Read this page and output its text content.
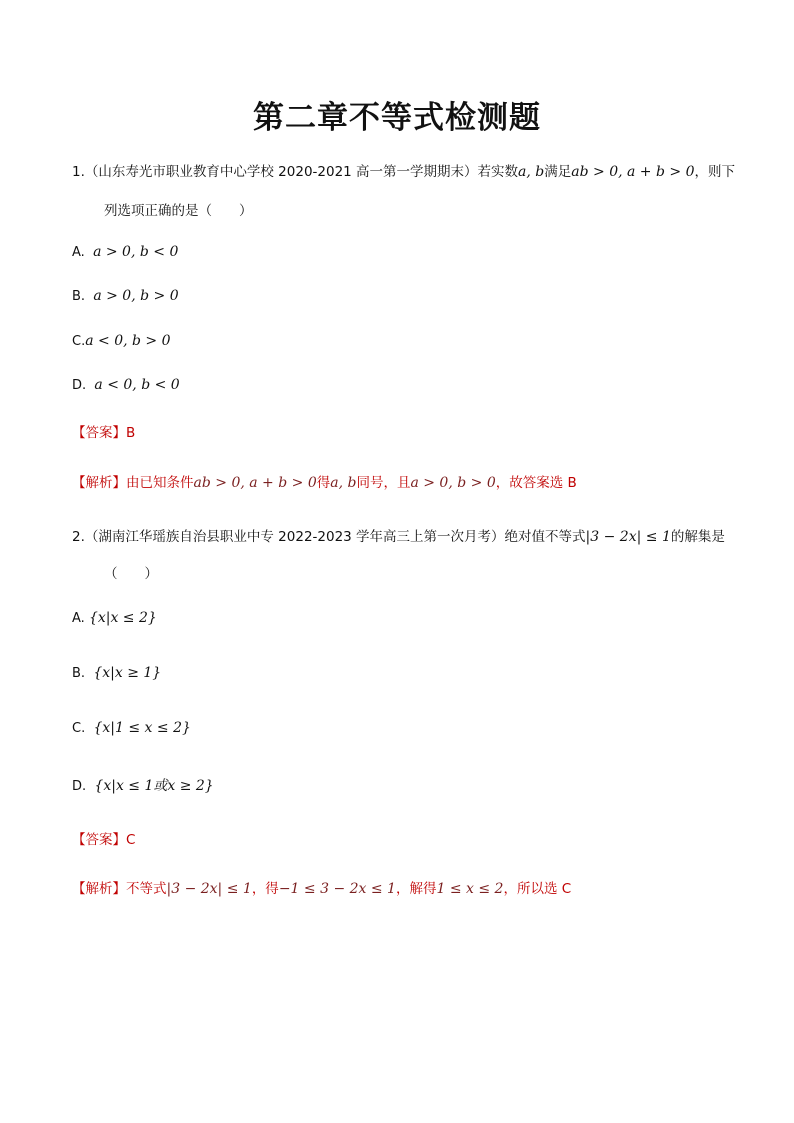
第二章不等式检测题
1.（山东寿光市职业教育中心学校 2020-2021 高一第一学期期末）若实数a, b满足ab > 0, a + b > 0，则下
列选项正确的是（　　）
A. a > 0, b < 0
B. a > 0, b > 0
C.a < 0, b > 0
D. a < 0, b < 0
【答案】B
【解析】由已知条件ab > 0, a + b > 0得a, b同号，且a > 0, b > 0，故答案选 B
2.（湖南江华瑶族自治县职业中专 2022-2023 学年高三上第一次月考）绝对值不等式|3 − 2x| ≤ 1的解集是
（　　）
A. {x|x ≤ 2}
B. {x|x ≥ 1}
C. {x|1 ≤ x ≤ 2}
D. {x|x ≤ 1或x ≥ 2}
【答案】C
【解析】不等式|3 − 2x| ≤ 1，得−1 ≤ 3 − 2x ≤ 1，解得1 ≤ x ≤ 2，所以选 C
